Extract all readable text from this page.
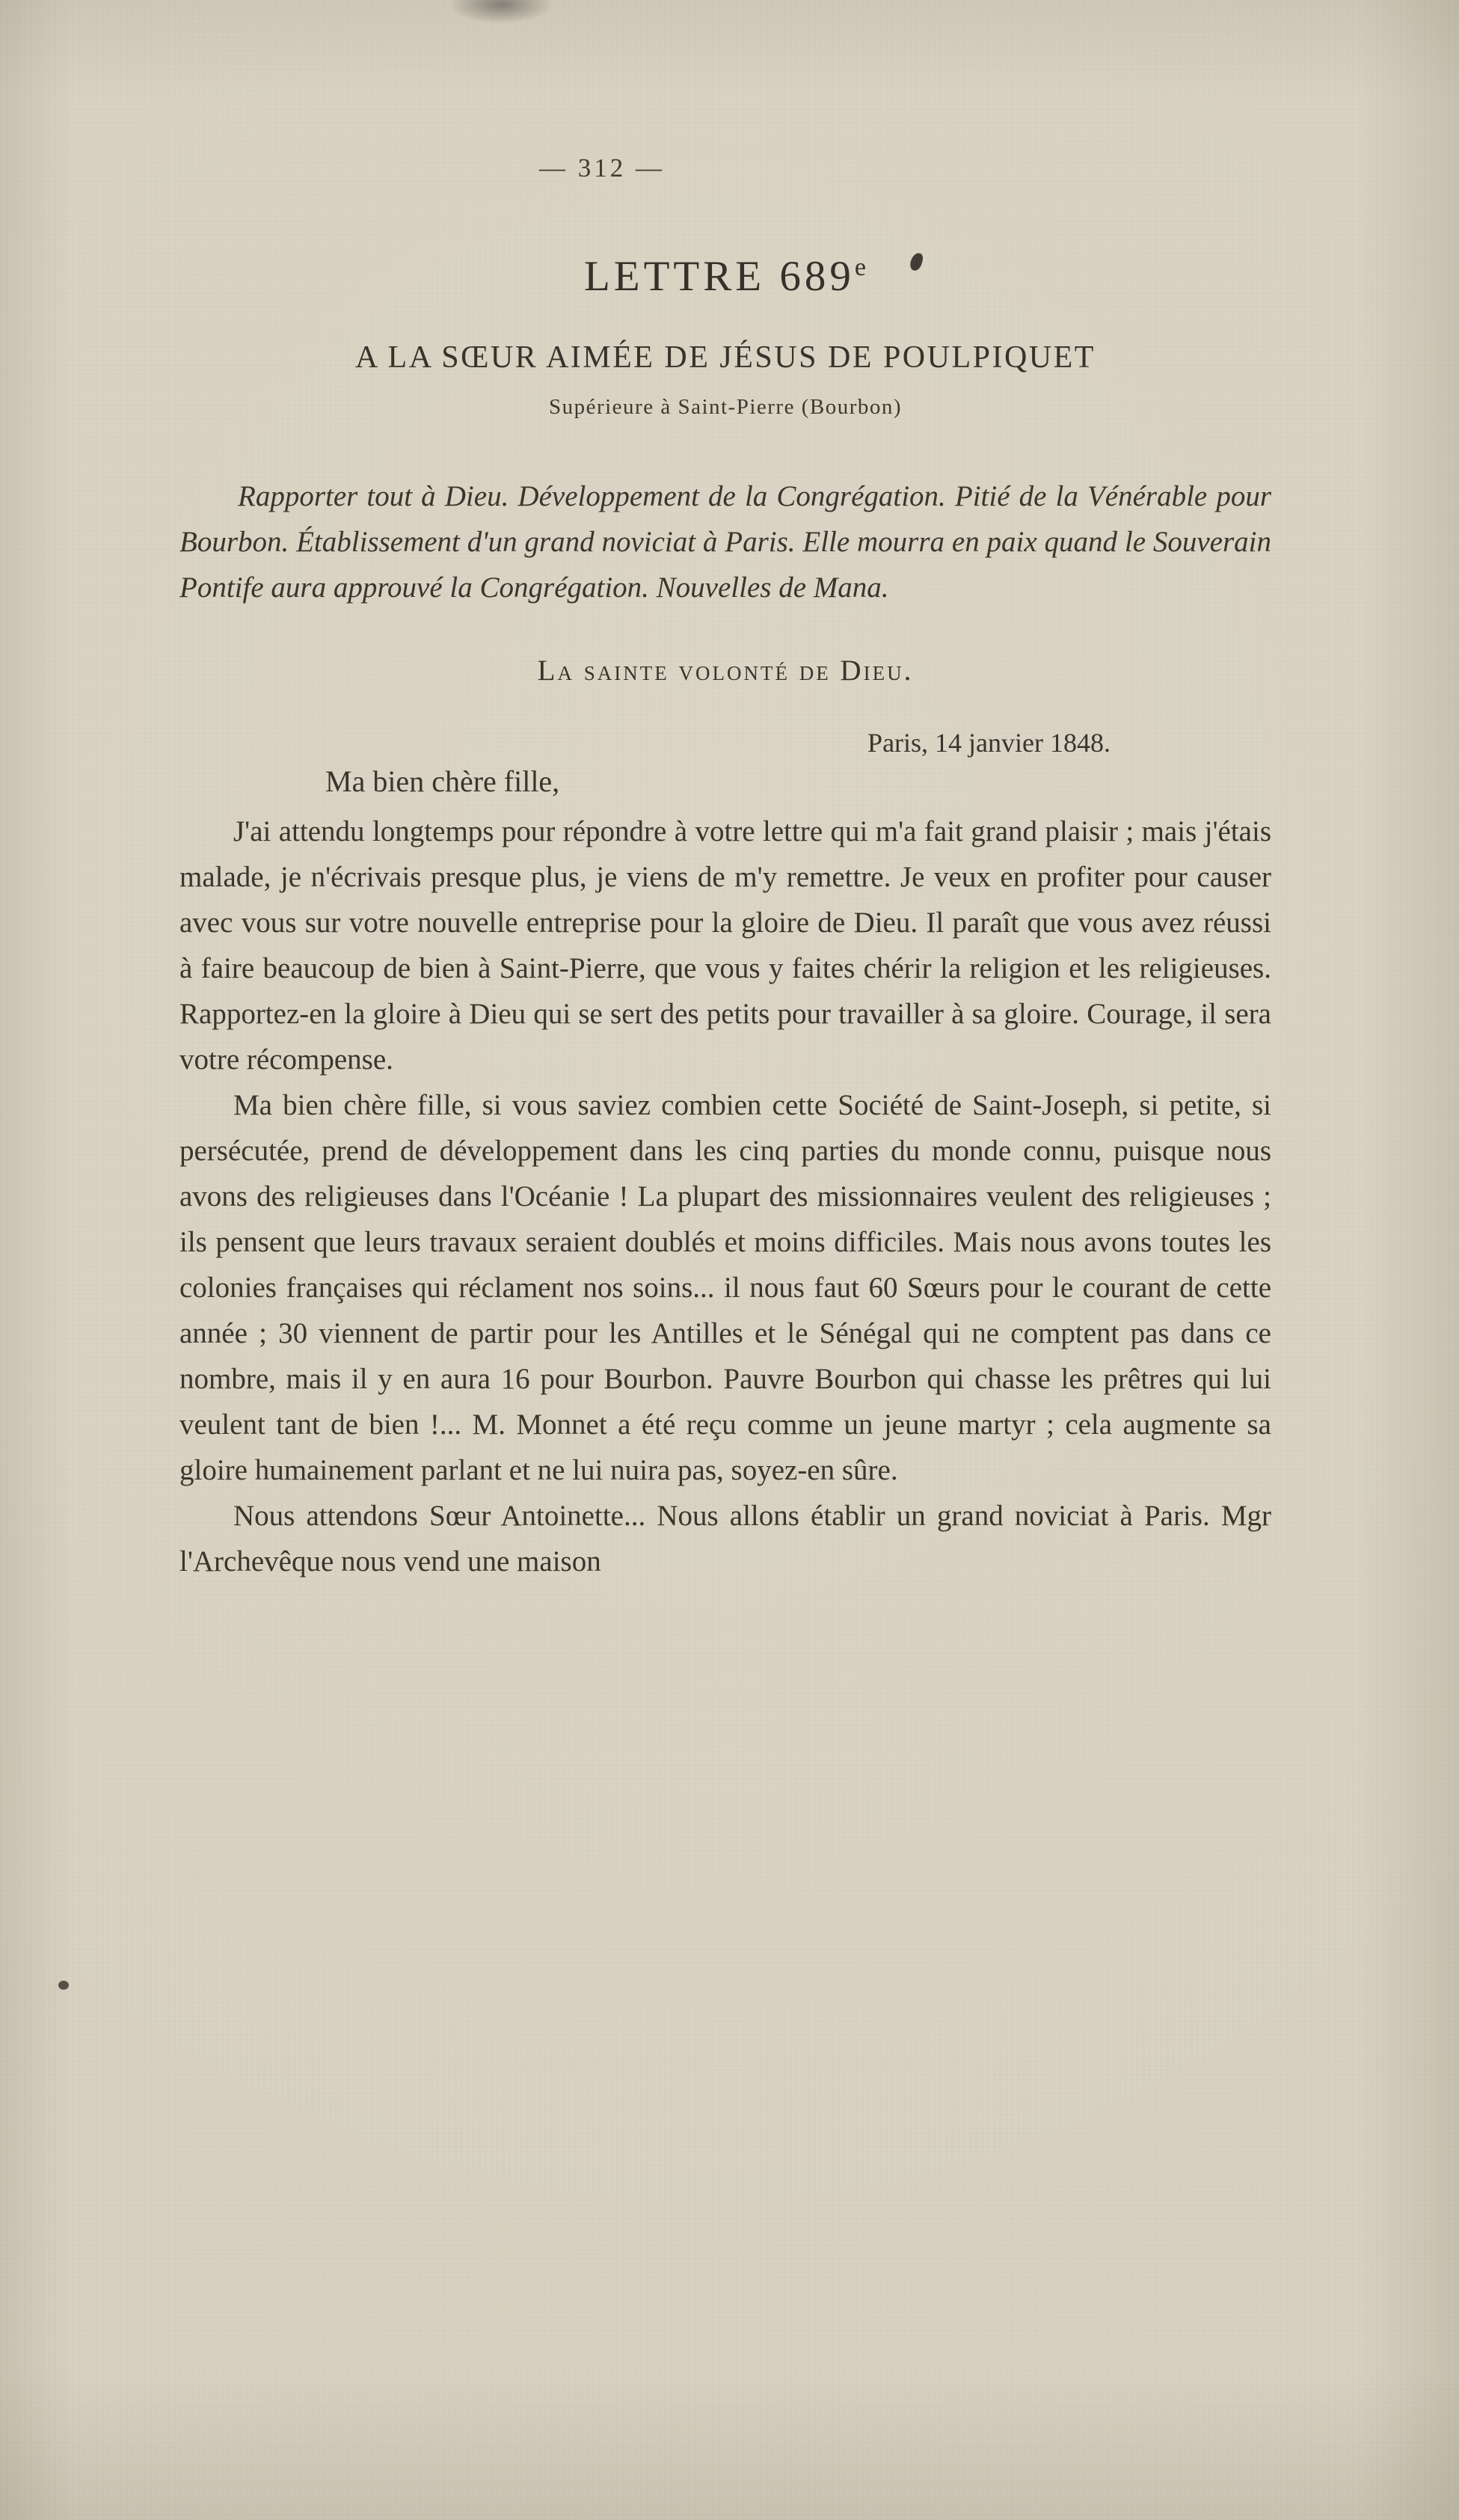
— 312 —
LETTRE 689e
A LA SŒUR AIMÉE DE JÉSUS DE POULPIQUET
Supérieure à Saint-Pierre (Bourbon)

Rapporter tout à Dieu. Développement de la Congrégation. Pitié de la Vénérable pour Bourbon. Établissement d'un grand noviciat à Paris. Elle mourra en paix quand le Souverain Pontife aura approuvé la Congrégation. Nouvelles de Mana.

La sainte volonté de Dieu.
Paris, 14 janvier 1848.
Ma bien chère fille,

J'ai attendu longtemps pour répondre à votre lettre qui m'a fait grand plaisir ; mais j'étais malade, je n'écrivais presque plus, je viens de m'y remettre. Je veux en profiter pour causer avec vous sur votre nouvelle entreprise pour la gloire de Dieu. Il paraît que vous avez réussi à faire beaucoup de bien à Saint-Pierre, que vous y faites chérir la religion et les religieuses. Rapportez-en la gloire à Dieu qui se sert des petits pour travailler à sa gloire. Courage, il sera votre récompense.

Ma bien chère fille, si vous saviez combien cette Société de Saint-Joseph, si petite, si persécutée, prend de développement dans les cinq parties du monde connu, puisque nous avons des religieuses dans l'Océanie ! La plupart des missionnaires veulent des religieuses ; ils pensent que leurs travaux seraient doublés et moins difficiles. Mais nous avons toutes les colonies françaises qui réclament nos soins... il nous faut 60 Sœurs pour le courant de cette année ; 30 viennent de partir pour les Antilles et le Sénégal qui ne comptent pas dans ce nombre, mais il y en aura 16 pour Bourbon. Pauvre Bourbon qui chasse les prêtres qui lui veulent tant de bien !... M. Monnet a été reçu comme un jeune martyr ; cela augmente sa gloire humainement parlant et ne lui nuira pas, soyez-en sûre.

Nous attendons Sœur Antoinette... Nous allons établir un grand noviciat à Paris. Mgr l'Archevêque nous vend une maison
